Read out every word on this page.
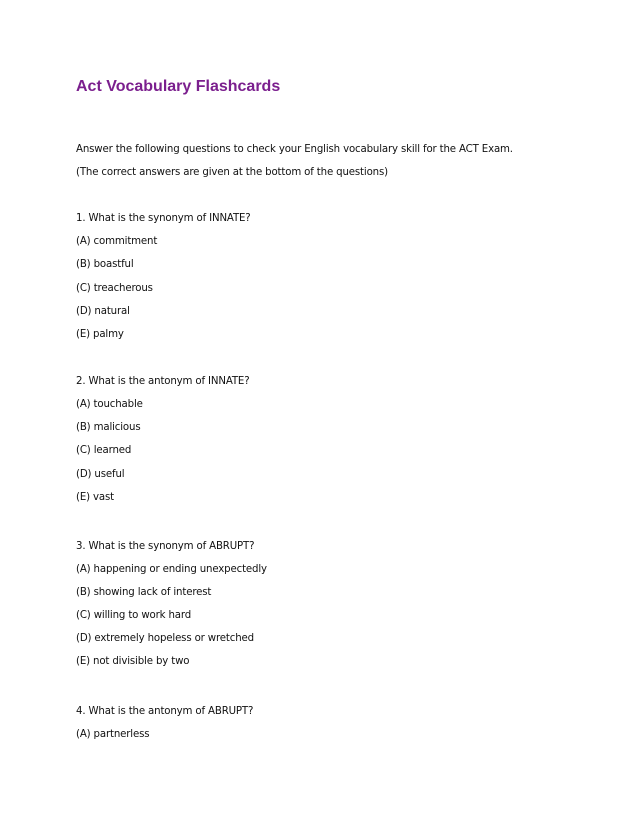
Act Vocabulary Flashcards
Answer the following questions to check your English vocabulary skill for the ACT Exam.
(The correct answers are given at the bottom of the questions)
1. What is the synonym of INNATE?
(A) commitment
(B) boastful
(C) treacherous
(D) natural
(E) palmy
2. What is the antonym of INNATE?
(A) touchable
(B) malicious
(C) learned
(D) useful
(E) vast
3. What is the synonym of ABRUPT?
(A) happening or ending unexpectedly
(B) showing lack of interest
(C) willing to work hard
(D) extremely hopeless or wretched
(E) not divisible by two
4. What is the antonym of ABRUPT?
(A) partnerless
